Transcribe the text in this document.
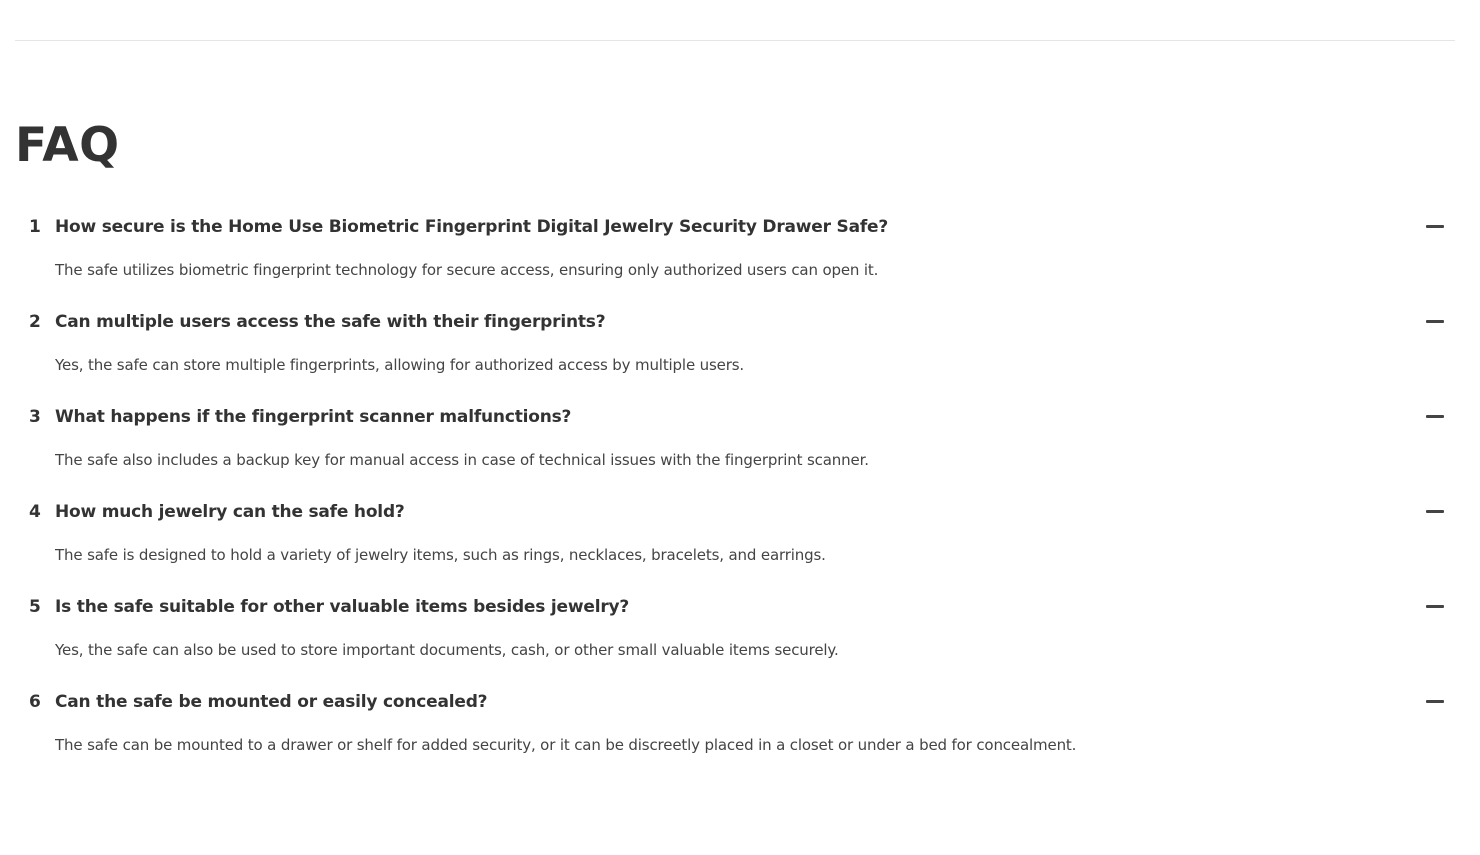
FAQ
1 How secure is the Home Use Biometric Fingerprint Digital Jewelry Security Drawer Safe?
The safe utilizes biometric fingerprint technology for secure access, ensuring only authorized users can open it.
2 Can multiple users access the safe with their fingerprints?
Yes, the safe can store multiple fingerprints, allowing for authorized access by multiple users.
3 What happens if the fingerprint scanner malfunctions?
The safe also includes a backup key for manual access in case of technical issues with the fingerprint scanner.
4 How much jewelry can the safe hold?
The safe is designed to hold a variety of jewelry items, such as rings, necklaces, bracelets, and earrings.
5 Is the safe suitable for other valuable items besides jewelry?
Yes, the safe can also be used to store important documents, cash, or other small valuable items securely.
6 Can the safe be mounted or easily concealed?
The safe can be mounted to a drawer or shelf for added security, or it can be discreetly placed in a closet or under a bed for concealment.
